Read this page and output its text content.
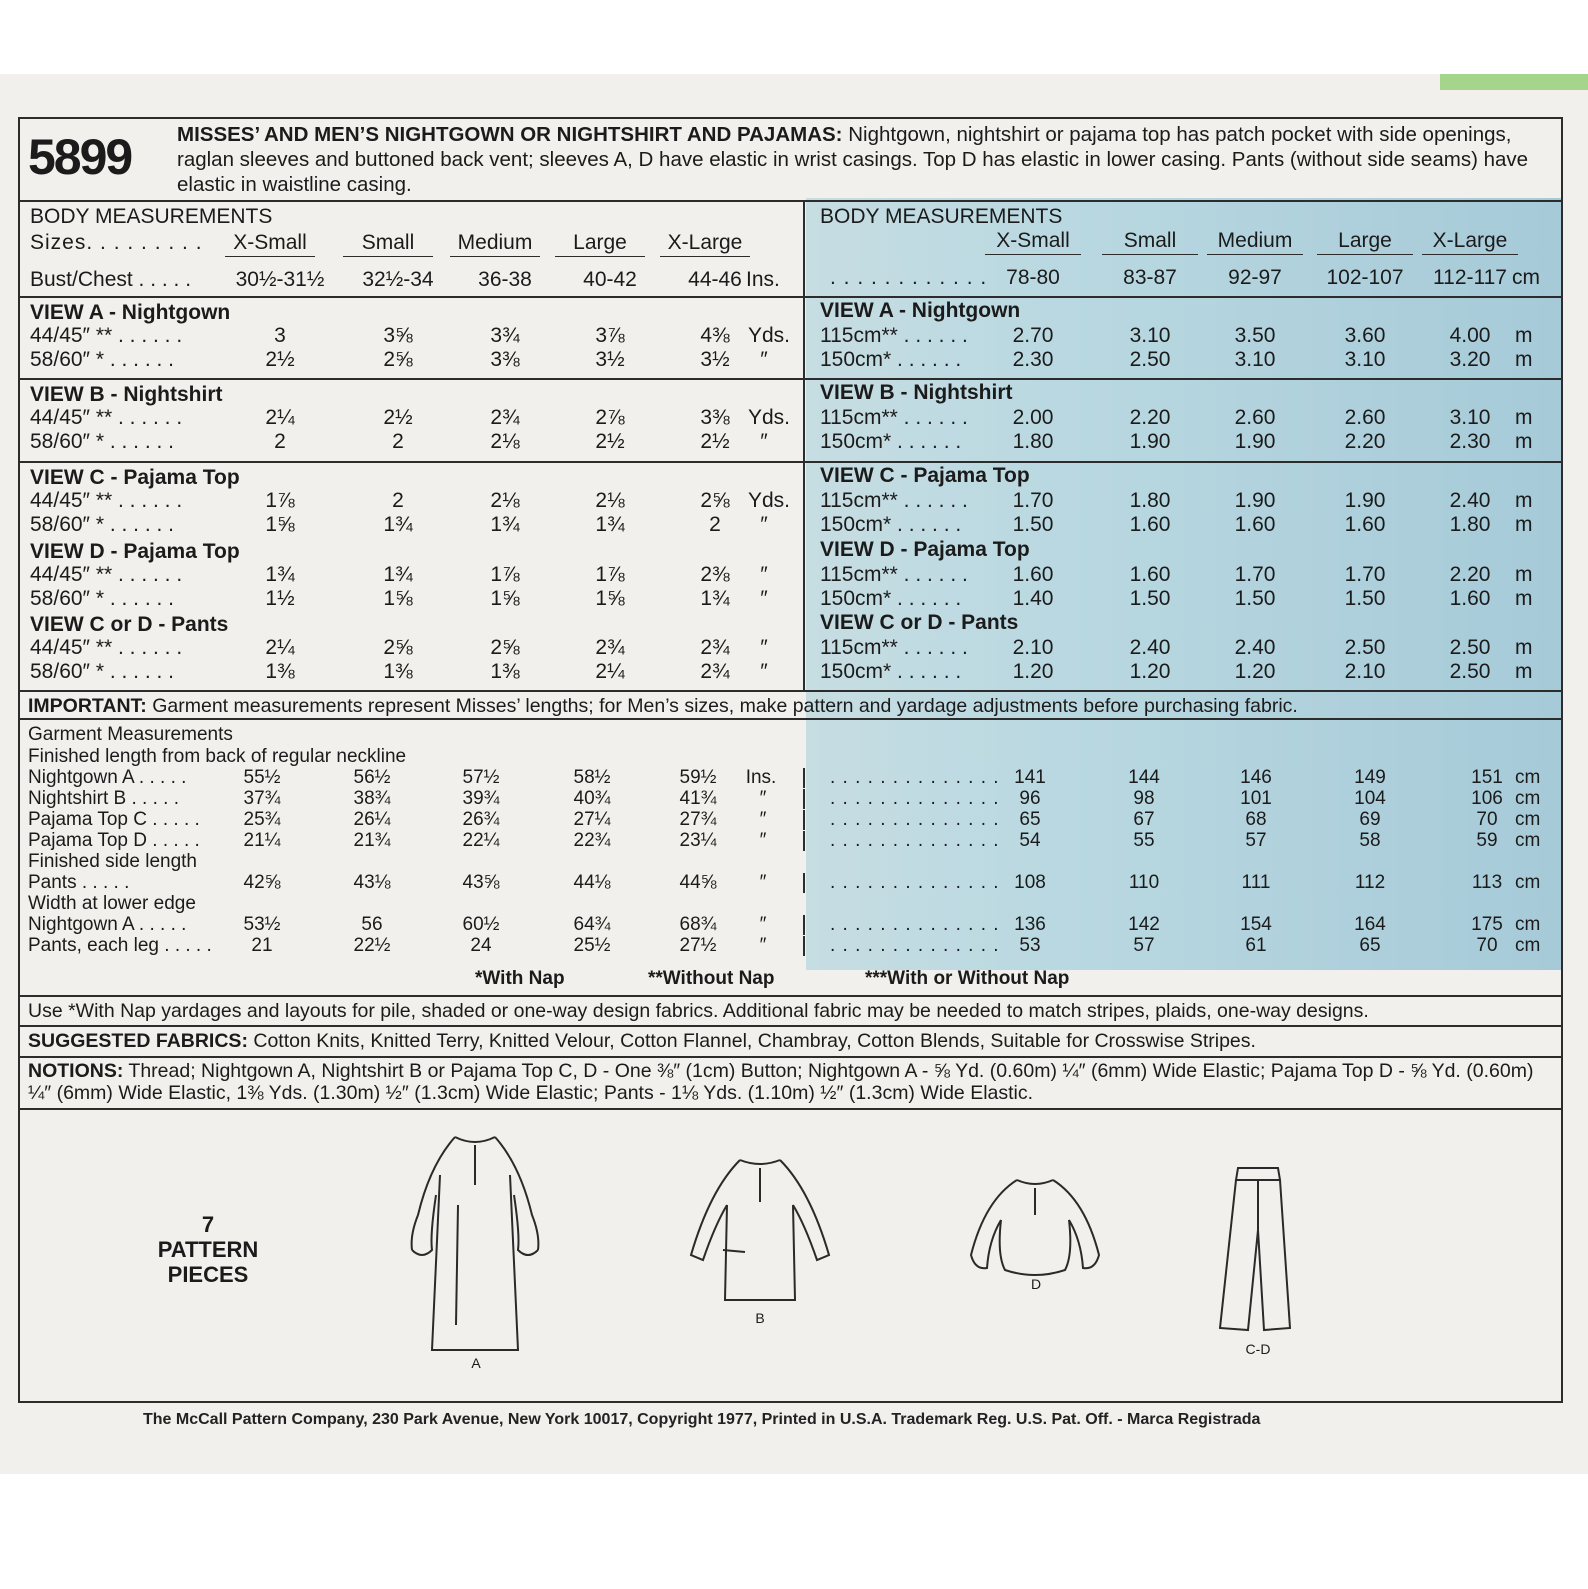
5899 MISSES’ AND MEN’S NIGHTGOWN OR NIGHTSHIRT AND PAJAMAS: Nightgown, nightshirt or pajama top has patch pocket with side openings, raglan sleeves and buttoned back vent; sleeves A, D have elastic in wrist casings. Top D has elastic in lower casing. Pants (without side seams) have elastic in waistline casing.
BODY MEASUREMENTS
Sizes. . . . . . . . . X-Small	Small Medium Large X-Large
Bust/Chest . . . . . 30½-31½ 32½-34 36-38 40-42 44-46 Ins.
BODY MEASUREMENTS
X-Small	Small Medium Large X-Large
. . . . . . . . . . . . 78-80	83-87 92-97 102-107 112-117 cm
VIEW A - Nightgown	VIEW A - Nightgown
44/45″ ** . . . . . .	3	3⅝	3¾	3⅞	4⅜ Yds. 115cm** . . . . . . 2.70	3.10	3.50	3.60	4.00 m
58/60″ * . . . . . .	2½	2⅝	3⅜	3½	3½ ″ 150cm* . . . . . . 2.30	2.50	3.10	3.10	3.20 m
VIEW B - Nightshirt	VIEW B - Nightshirt
44/45″ ** . . . . . .	2¼	2½	2¾	2⅞	3⅜ Yds. 115cm** . . . . . . 2.00	2.20	2.60	2.60	3.10 m
58/60″ * . . . . . .	2	2	2⅛	2½	2½ ″ 150cm* . . . . . . 1.80	1.90	1.90	2.20	2.30 m
VIEW C - Pajama Top	VIEW C - Pajama Top
44/45″ ** . . . . . .	1⅞	2	2⅛	2⅛	2⅝ Yds. 115cm** . . . . . . 1.70	1.80	1.90	1.90	2.40 m
58/60″ * . . . . . .	1⅝	1¾	1¾	1¾	2 ″ 150cm* . . . . . . 1.50	1.60	1.60	1.60	1.80 m
VIEW D - Pajama Top	VIEW D - Pajama Top
44/45″ ** . . . . . .	1¾	1¾	1⅞	1⅞	2⅜ ″ 115cm** . . . . . . 1.60	1.60	1.70	1.70	2.20 m
58/60″ * . . . . . .	1½	1⅝	1⅝	1⅝	1¾ ″ 150cm* . . . . . . 1.40	1.50	1.50	1.50	1.60 m
VIEW C or D - Pants	VIEW C or D - Pants
44/45″ ** . . . . . .	2¼	2⅝	2⅝	2¾	2¾ ″ 115cm** . . . . . . 2.10	2.40	2.40	2.50	2.50 m
58/60″ * . . . . . .	1⅜	1⅜	1⅜	2¼	2¾ ″ 150cm* . . . . . . 1.20	1.20	1.20	2.10	2.50 m
IMPORTANT: Garment measurements represent Misses’ lengths; for Men’s sizes, make pattern and yardage adjustments before purchasing fabric.
Garment Measurements
Finished length from back of regular neckline
Nightgown A . . . . .	55½	56½	57½	58½	59½ Ins.	. . . . . . . . . . . . . . 141	144	146	149	151 cm
Nightshirt B . . . . .	37¾	38¾	39¾	40¾	41¾ ″	. . . . . . . . . . . . . . 96	98	101	104	106 cm
Pajama Top C . . . . . 25¾	26¼	26¾	27¼	27¾ ″	. . . . . . . . . . . . . . 65	67	68	69	70 cm
Pajama Top D . . . . . 21¼	21¾	22¼	22¾	23¼ ″	. . . . . . . . . . . . . . 54	55	57	58	59 cm
Finished side length
Pants . . . . .	42⅝	43⅛	43⅝	44⅛	44⅝ ″	. . . . . . . . . . . . . . 108	110	111	112	113 cm
Width at lower edge
Nightgown A . . . . .	53½	56	60½	64¾	68¾ ″	. . . . . . . . . . . . . . 136	142	154	164	175 cm
Pants, each leg . . . . . 21	22½	24	25½	27½ ″	. . . . . . . . . . . . . . 53	57	61	65	70 cm
*With Nap	**Without Nap	***With or Without Nap
Use *With Nap yardages and layouts for pile, shaded or one-way design fabrics. Additional fabric may be needed to match stripes, plaids, one-way designs.
SUGGESTED FABRICS: Cotton Knits, Knitted Terry, Knitted Velour, Cotton Flannel, Chambray, Cotton Blends, Suitable for Crosswise Stripes.
NOTIONS: Thread; Nightgown A, Nightshirt B or Pajama Top C, D - One ⅜″ (1cm) Button; Nightgown A - ⅝ Yd. (0.60m) ¼″ (6mm) Wide Elastic; Pajama Top D - ⅝ Yd. (0.60m) ¼″ (6mm) Wide Elastic, 1⅜ Yds. (1.30m) ½″ (1.3cm) Wide Elastic; Pants - 1⅛ Yds. (1.10m) ½″ (1.3cm) Wide Elastic.
7
PATTERN
PIECES
A
B
D
C-D
The McCall Pattern Company, 230 Park Avenue, New York 10017, Copyright 1977, Printed in U.S.A. Trademark Reg. U.S. Pat. Off. - Marca Registrada
